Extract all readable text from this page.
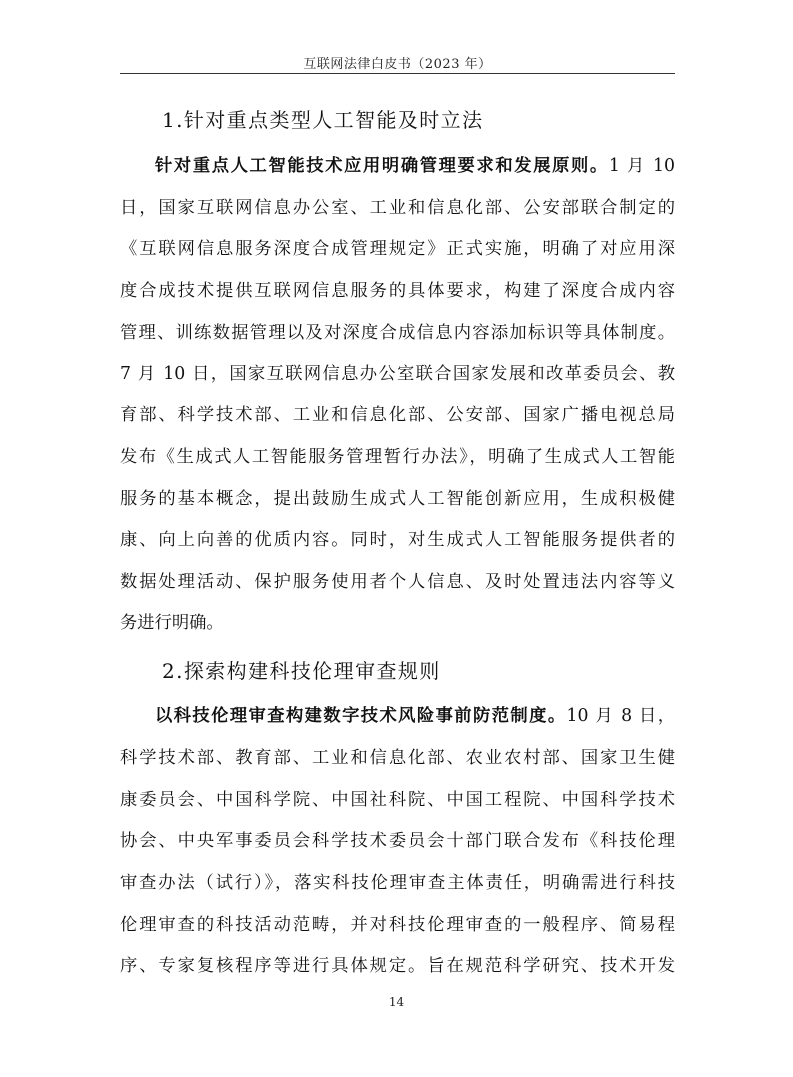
互联网法律白皮书（2023 年）
1.针对重点类型人工智能及时立法
针对重点人工智能技术应用明确管理要求和发展原则。1 月 10
日，国家互联网信息办公室、工业和信息化部、公安部联合制定的
《互联网信息服务深度合成管理规定》正式实施，明确了对应用深
度合成技术提供互联网信息服务的具体要求，构建了深度合成内容
管理、训练数据管理以及对深度合成信息内容添加标识等具体制度。
7 月 10 日，国家互联网信息办公室联合国家发展和改革委员会、教
育部、科学技术部、工业和信息化部、公安部、国家广播电视总局
发布《生成式人工智能服务管理暂行办法》，明确了生成式人工智能
服务的基本概念，提出鼓励生成式人工智能创新应用，生成积极健
康、向上向善的优质内容。同时，对生成式人工智能服务提供者的
数据处理活动、保护服务使用者个人信息、及时处置违法内容等义
务进行明确。
2.探索构建科技伦理审查规则
以科技伦理审查构建数字技术风险事前防范制度。10 月 8 日，
科学技术部、教育部、工业和信息化部、农业农村部、国家卫生健
康委员会、中国科学院、中国社科院、中国工程院、中国科学技术
协会、中央军事委员会科学技术委员会十部门联合发布《科技伦理
审查办法（试行）》，落实科技伦理审查主体责任，明确需进行科技
伦理审查的科技活动范畴，并对科技伦理审查的一般程序、简易程
序、专家复核程序等进行具体规定。旨在规范科学研究、技术开发
14
